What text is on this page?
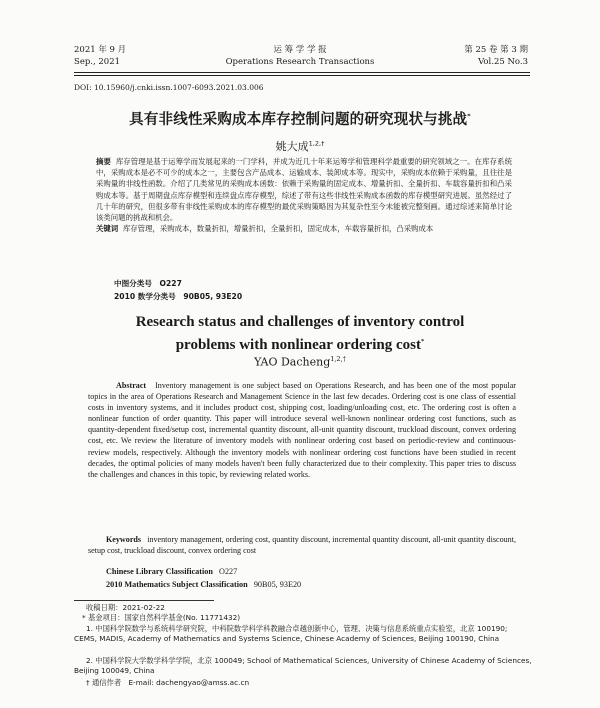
2021 年 9 月
Sep., 2021
运 筹 学 学 报
Operations Research Transactions
第 25 卷 第 3 期
Vol.25 No.3
DOI: 10.15960/j.cnki.issn.1007-6093.2021.03.006
具有非线性采购成本库存控制问题的研究现状与挑战*
姚大成$^{1,2,\dagger}$
摘要 库存管理是基于运筹学而发展起来的一门学科，并成为近几十年来运筹学和管理科学最重要的研究领域之一。在库存系统中，采购成本是必不可少的成本之一，主要包含产品成本、运输成本、装卸成本等。现实中，采购成本依赖于采购量，且往往是采购量的非线性函数。介绍了几类常见的采购成本函数：依赖于采购量的固定成本、增量折扣、全量折扣、车载容量折扣和凸采购成本等。基于周期盘点库存模型和连续盘点库存模型，综述了带有这些非线性采购成本函数的库存模型研究进展。虽然经过了几十年的研究，但很多带有非线性采购成本的库存模型的最优采购策略因为其复杂性至今未能被完整刻画。通过综述来简单讨论该类问题的挑战和机会。
关键词 库存管理，采购成本，数量折扣，增量折扣，全量折扣，固定成本，车载容量折扣，凸采购成本
中图分类号　O227
2010 数学分类号　90B05, 93E20
Research status and challenges of inventory control
problems with nonlinear ordering cost*
YAO Dacheng$^{1,2,\dagger}$
Abstract Inventory management is one subject based on Operations Research, and has been one of the most popular topics in the area of Operations Research and Management Science in the last few decades. Ordering cost is one class of essential costs in inventory systems, and it includes product cost, shipping cost, loading/unloading cost, etc. The ordering cost is often a nonlinear function of order quantity. This paper will introduce several well-known nonlinear ordering cost functions, such as quantity-dependent fixed/setup cost, incremental quantity discount, all-unit quantity discount, truckload discount, convex ordering cost, etc. We review the literature of inventory models with nonlinear ordering cost based on periodic-review and continuous-review models, respectively. Although the inventory models with nonlinear ordering cost functions have been studied in recent decades, the optimal policies of many models haven't been fully characterized due to their complexity. This paper tries to discuss the challenges and chances in this topic, by reviewing related works.
Keywords inventory management, ordering cost, quantity discount, incremental quantity discount, all-unit quantity discount, setup cost, truckload discount, convex ordering cost
Chinese Library Classification O227
2010 Mathematics Subject Classification 90B05, 93E20
收稿日期：2021-02-22
* 基金项目：国家自然科学基金(No. 11771432)
1. 中国科学院数学与系统科学研究院，中科院数学科学科教融合卓越创新中心，管理、决策与信息系统重点实验室，北京 100190; CEMS, MADIS, Academy of Mathematics and Systems Science, Chinese Academy of Sciences, Beijing 100190, China
2. 中国科学院大学数学科学学院，北京 100049; School of Mathematical Sciences, University of Chinese Academy of Sciences, Beijing 100049, China
† 通信作者　E-mail: dachengyao@amss.ac.cn
